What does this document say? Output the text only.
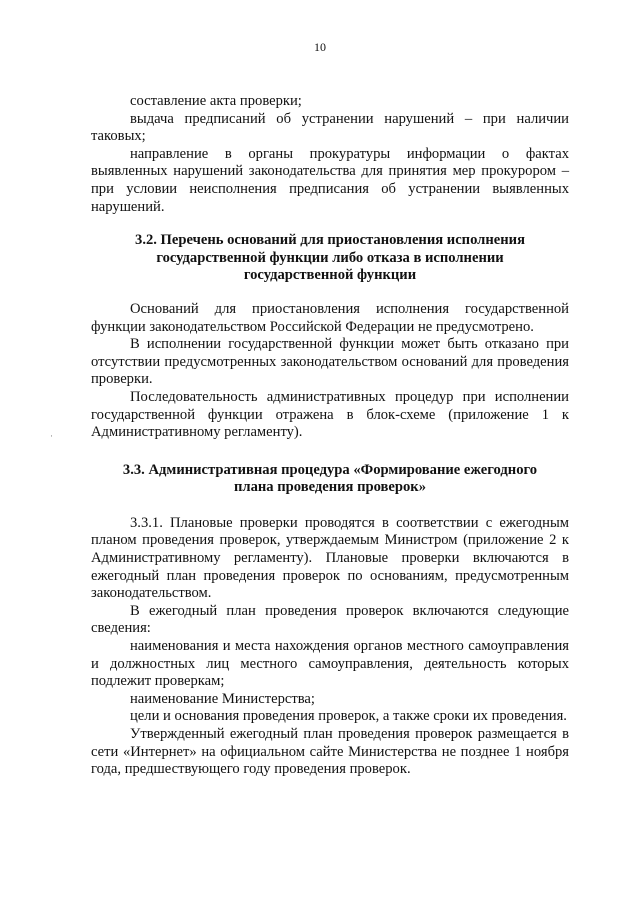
10
·

составление акта проверки;

выдача предписаний об устранении нарушений – при наличии таковых;

направление в органы прокуратуры информации о фактах выявленных нарушений законодательства для принятия мер прокурором – при условии неисполнения предписания об устранении выявленных нарушений.

3.2. Перечень оснований для приостановления исполнения
государственной функции либо отказа в исполнении
государственной функции

Оснований для приостановления исполнения государственной функции законодательством Российской Федерации не предусмотрено.

В исполнении государственной функции может быть отказано при отсутствии предусмотренных законодательством оснований для проведения проверки.

Последовательность административных процедур при исполнении государственной функции отражена в блок-схеме (приложение 1 к Административному регламенту).

3.3. Административная процедура «Формирование ежегодного
плана проведения проверок»

3.3.1. Плановые проверки проводятся в соответствии с ежегодным планом проведения проверок, утверждаемым Министром (приложение 2 к Административному регламенту). Плановые проверки включаются в ежегодный план проведения проверок по основаниям, предусмотренным законодательством.

В ежегодный план проведения проверок включаются следующие сведения:

наименования и места нахождения органов местного самоуправления и должностных лиц местного самоуправления, деятельность которых подлежит проверкам;

наименование Министерства;

цели и основания проведения проверок, а также сроки их проведения.

Утвержденный ежегодный план проведения проверок размещается в сети «Интернет» на официальном сайте Министерства не позднее 1 ноября года, предшествующего году проведения проверок.
